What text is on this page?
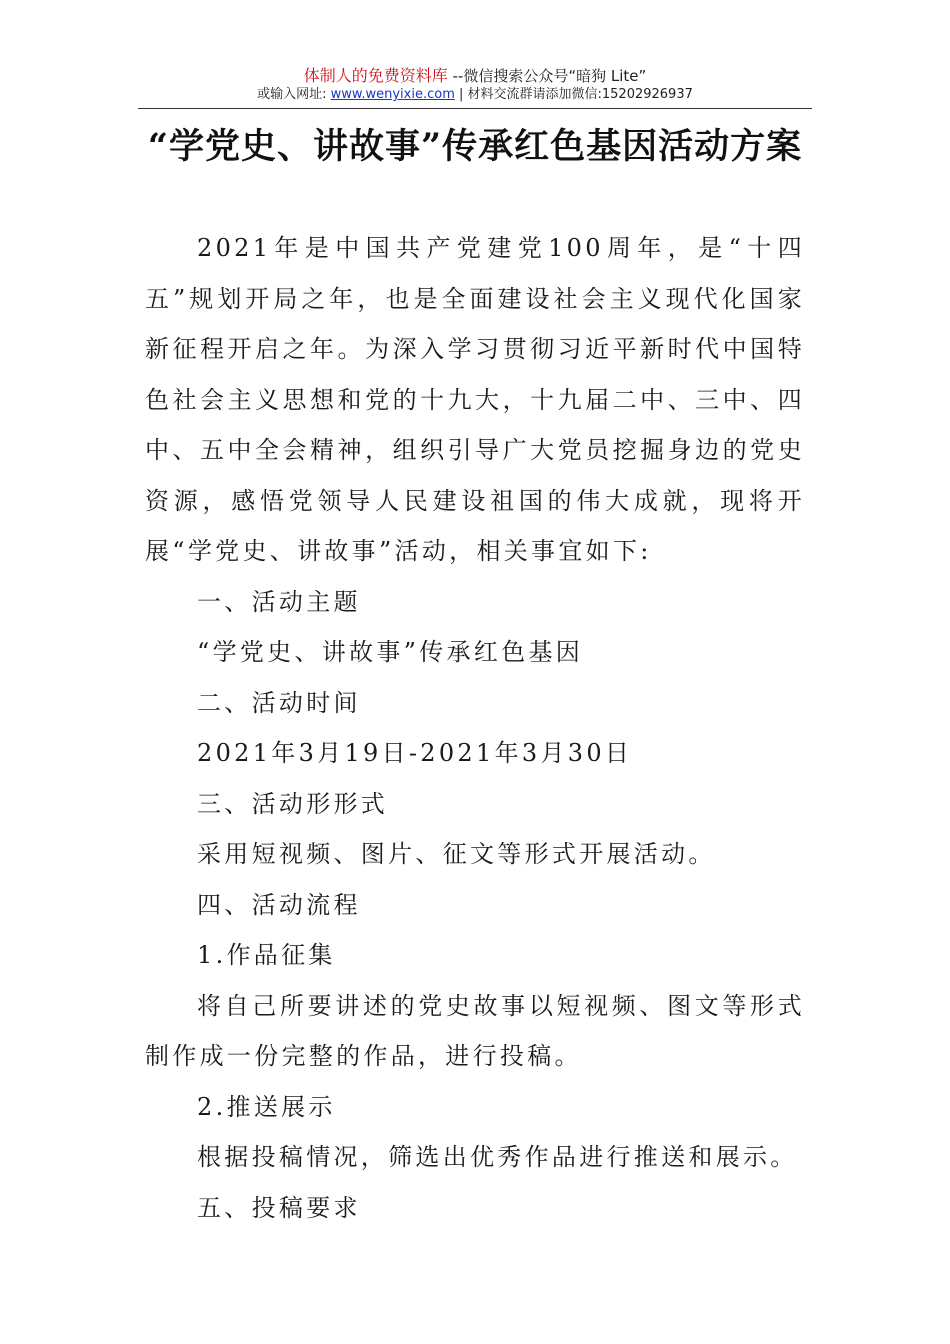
体制人的免费资料库 --微信搜索公众号“暗狗 Lite”
或输入网址: www.wenyixie.com | 材料交流群请添加微信:15202926937
“学党史、讲故事”传承红色基因活动方案

2021年是中国共产党建党100周年，是“十四五”规划开局之年，也是全面建设社会主义现代化国家新征程开启之年。为深入学习贯彻习近平新时代中国特色社会主义思想和党的十九大，十九届二中、三中、四中、五中全会精神，组织引导广大党员挖掘身边的党史资源，感悟党领导人民建设祖国的伟大成就，现将开展“学党史、讲故事”活动，相关事宜如下:

一、活动主题

“学党史、讲故事”传承红色基因

二、活动时间

2021年3月19日-2021年3月30日

三、活动形形式

采用短视频、图片、征文等形式开展活动。

四、活动流程

1.作品征集

将自己所要讲述的党史故事以短视频、图文等形式制作成一份完整的作品，进行投稿。

2.推送展示

根据投稿情况，筛选出优秀作品进行推送和展示。

五、投稿要求
